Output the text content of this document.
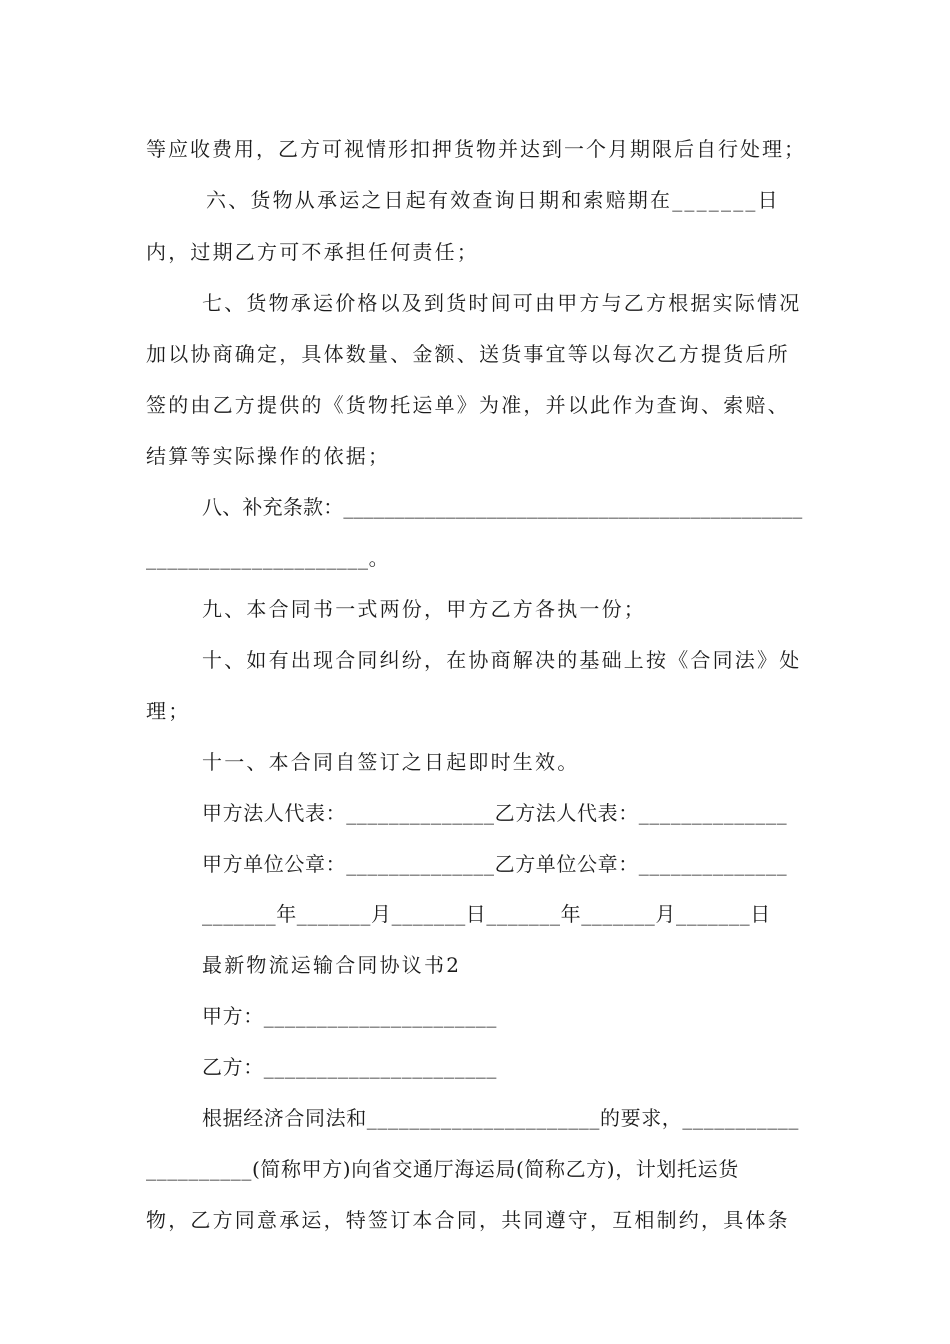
等应收费用，乙方可视情形扣押货物并达到一个月期限后自行处理；
六、货物从承运之日起有效查询日期和索赔期在_______日
内，过期乙方可不承担任何责任；
七、货物承运价格以及到货时间可由甲方与乙方根据实际情况
加以协商确定，具体数量、金额、送货事宜等以每次乙方提货后所
签的由乙方提供的《货物托运单》为准，并以此作为查询、索赔、
结算等实际操作的依据；
八、补充条款：_____________________________________________
_____________________。
九、本合同书一式两份，甲方乙方各执一份；
十、如有出现合同纠纷，在协商解决的基础上按《合同法》处
理；
十一、本合同自签订之日起即时生效。
甲方法人代表：______________乙方法人代表：______________
甲方单位公章：______________乙方单位公章：______________
_______年_______月_______日_______年_______月_______日
最新物流运输合同协议书2
甲方：______________________
乙方：______________________
根据经济合同法和______________________的要求，___________
__________(简称甲方)向省交通厅海运局(简称乙方)，计划托运货
物，乙方同意承运，特签订本合同，共同遵守，互相制约，具体条
